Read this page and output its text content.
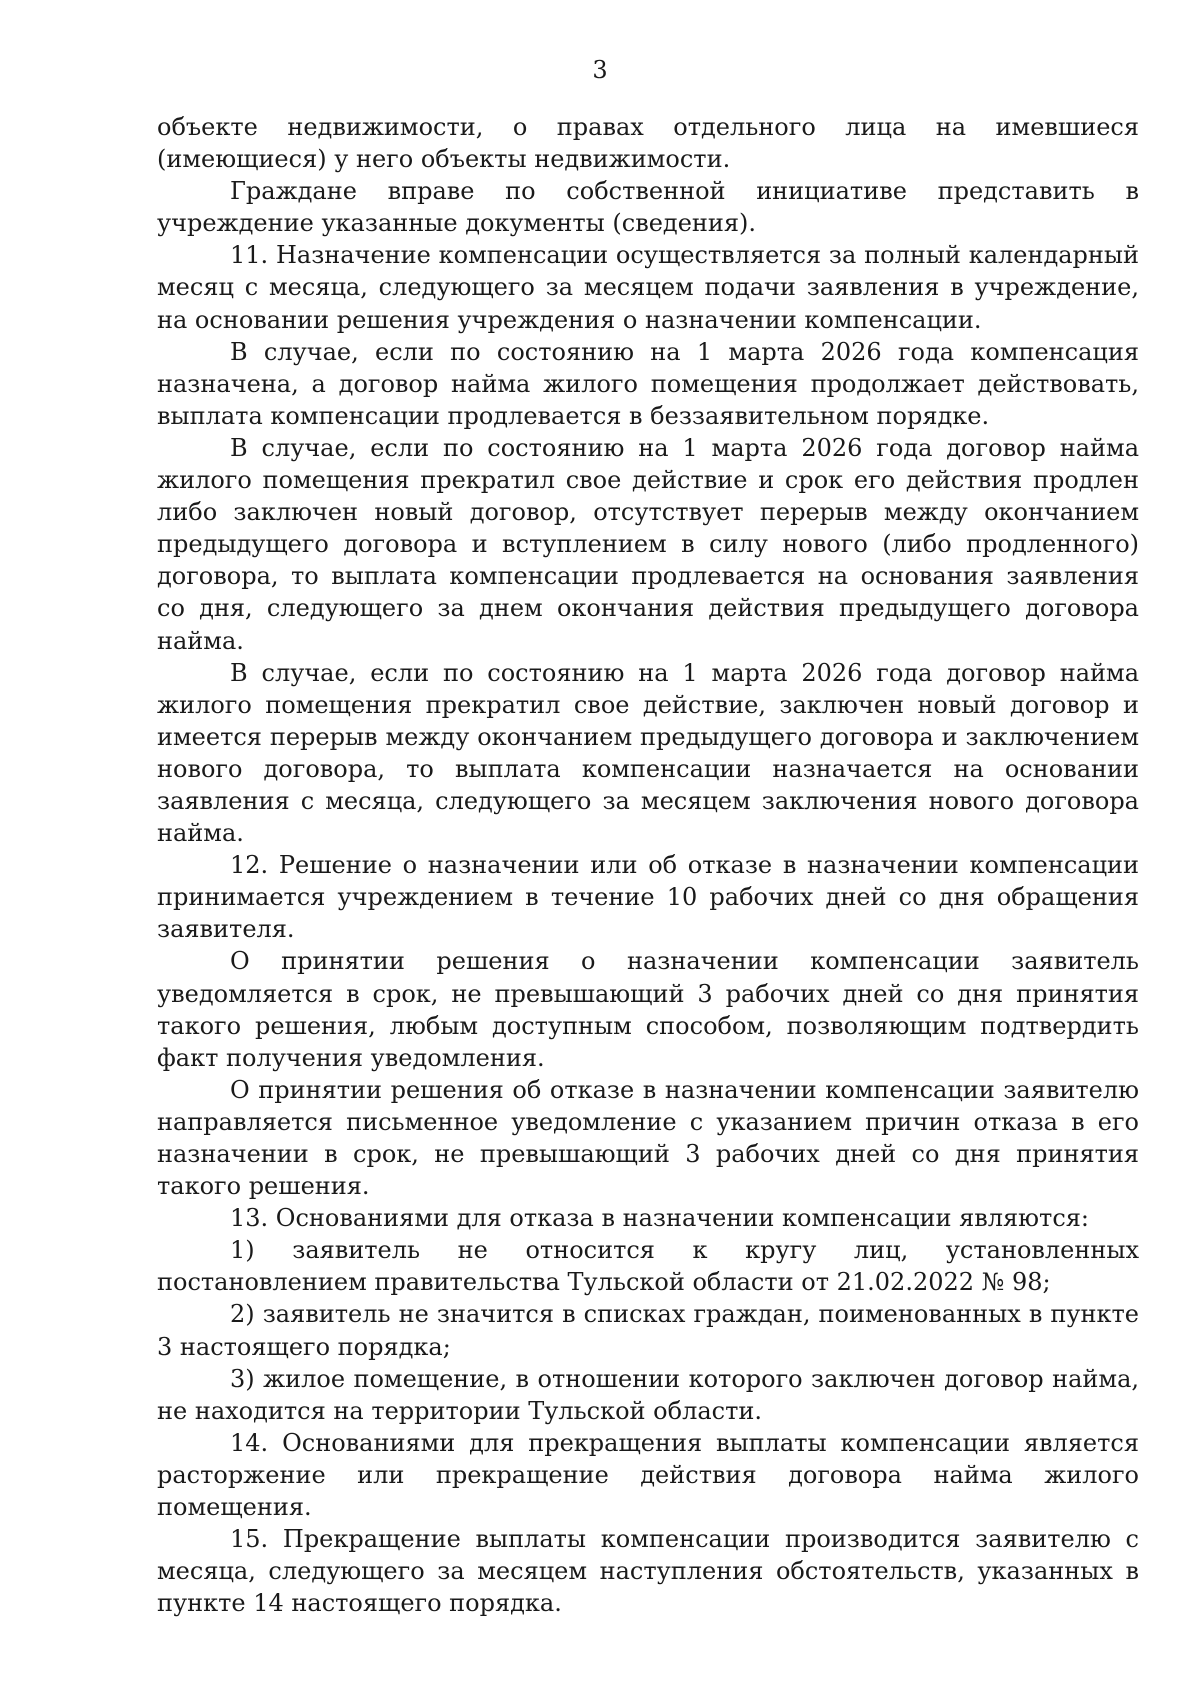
3

объекте недвижимости, о правах отдельного лица на имевшиеся (имеющиеся) у него объекты недвижимости.

Граждане вправе по собственной инициативе представить в учреждение указанные документы (сведения).

11. Назначение компенсации осуществляется за полный календарный месяц с месяца, следующего за месяцем подачи заявления в учреждение, на основании решения учреждения о назначении компенсации.

В случае, если по состоянию на 1 марта 2026 года компенсация назначена, а договор найма жилого помещения продолжает действовать, выплата компенсации продлевается в беззаявительном порядке.

В случае, если по состоянию на 1 марта 2026 года договор найма жилого помещения прекратил свое действие и срок его действия продлен либо заключен новый договор, отсутствует перерыв между окончанием предыдущего договора и вступлением в силу нового (либо продленного) договора, то выплата компенсации продлевается на основания заявления со дня, следующего за днем окончания действия предыдущего договора найма.

В случае, если по состоянию на 1 марта 2026 года договор найма жилого помещения прекратил свое действие, заключен новый договор и имеется перерыв между окончанием предыдущего договора и заключением нового договора, то выплата компенсации назначается на основании заявления с месяца, следующего за месяцем заключения нового договора найма.

12. Решение о назначении или об отказе в назначении компенсации принимается учреждением в течение 10 рабочих дней со дня обращения заявителя.

О принятии решения о назначении компенсации заявитель уведомляется в срок, не превышающий 3 рабочих дней со дня принятия такого решения, любым доступным способом, позволяющим подтвердить факт получения уведомления.

О принятии решения об отказе в назначении компенсации заявителю направляется письменное уведомление с указанием причин отказа в его назначении в срок, не превышающий 3 рабочих дней со дня принятия такого решения.

13. Основаниями для отказа в назначении компенсации являются:

1) заявитель не относится к кругу лиц, установленных постановлением правительства Тульской области от 21.02.2022 № 98;

2) заявитель не значится в списках граждан, поименованных в пункте 3 настоящего порядка;

3) жилое помещение, в отношении которого заключен договор найма, не находится на территории Тульской области.

14. Основаниями для прекращения выплаты компенсации является расторжение или прекращение действия договора найма жилого помещения.

15. Прекращение выплаты компенсации производится заявителю с месяца, следующего за месяцем наступления обстоятельств, указанных в пункте 14 настоящего порядка.
